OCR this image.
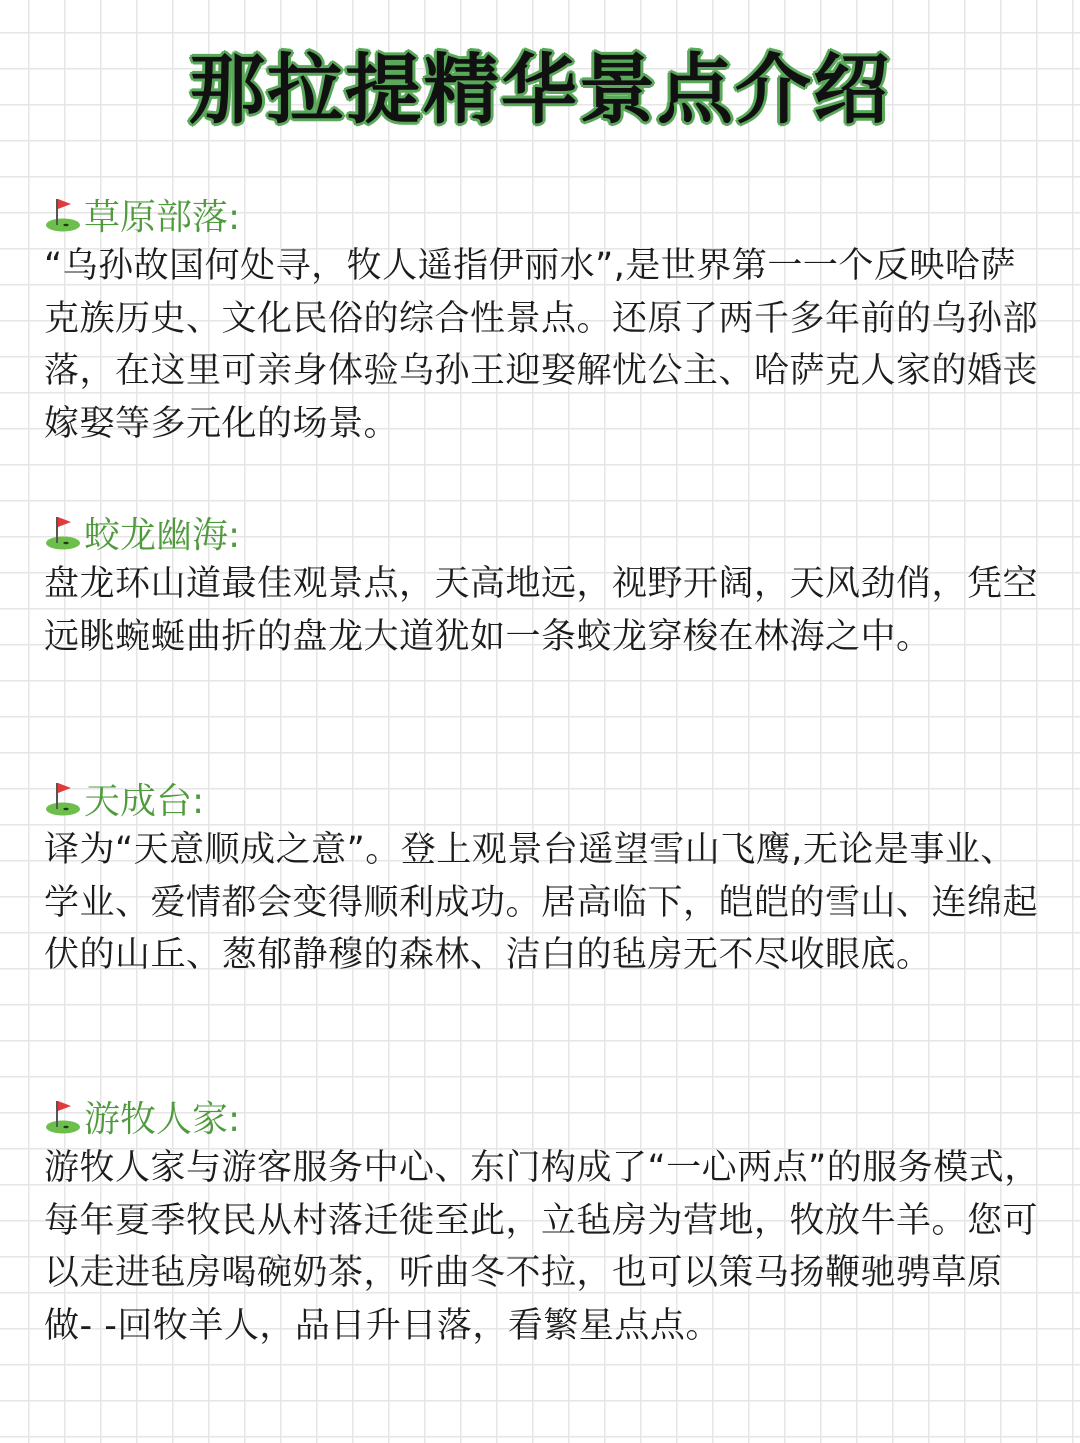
那拉提精华景点介绍
草原部落:

“乌孙故国何处寻，牧人遥指伊丽水”,是世界第一一个反映哈萨克族历史、文化民俗的综合性景点。还原了两千多年前的乌孙部落，在这里可亲身体验乌孙王迎娶解忧公主、哈萨克人家的婚丧嫁娶等多元化的场景。

蛟龙幽海:

盘龙环山道最佳观景点，天高地远，视野开阔，天风劲俏，凭空远眺蜿蜒曲折的盘龙大道犹如一条蛟龙穿梭在林海之中。

天成台:

译为“天意顺成之意”。登上观景台遥望雪山飞鹰,无论是事业、学业、爱情都会变得顺利成功。居高临下，皑皑的雪山、连绵起伏的山丘、葱郁静穆的森林、洁白的毡房无不尽收眼底。

游牧人家:

游牧人家与游客服务中心、东门构成了“一心两点”的服务模式，每年夏季牧民从村落迁徙至此，立毡房为营地，牧放牛羊。您可以走进毡房喝碗奶茶，听曲冬不拉，也可以策马扬鞭驰骋草原做- -回牧羊人，品日升日落，看繁星点点。
